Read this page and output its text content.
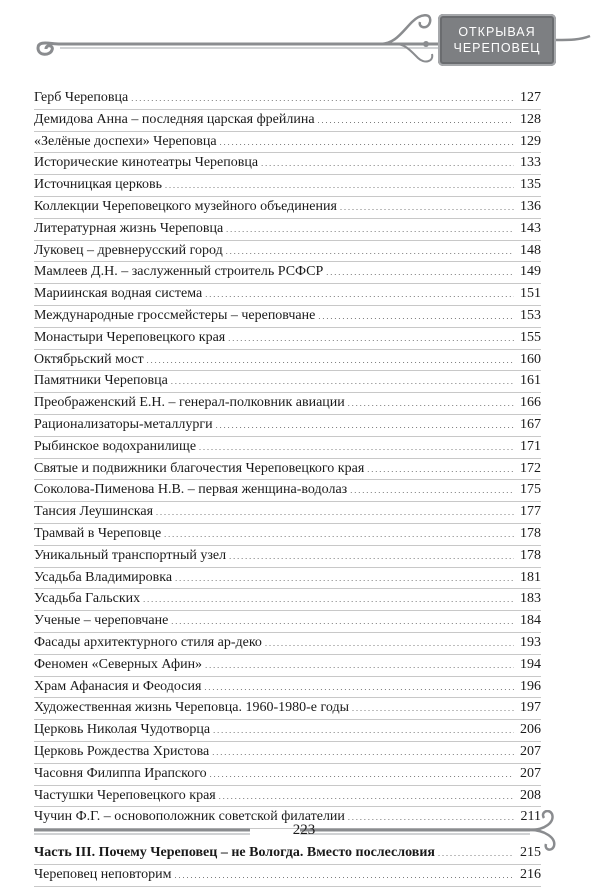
ОТКРЫВАЯ
ЧЕРЕПОВЕЦ
Герб Череповца . . .	127
Демидова Анна – последняя царская фрейлина . . .	128
«Зелёные доспехи» Череповца . . .	129
Исторические кинотеатры Череповца . . .	133
Источницкая церковь . . .	135
Коллекции Череповецкого музейного объединения . . .	136
Литературная жизнь Череповца . . .	143
Луковец – древнерусский город . . .	148
Мамлеев Д.Н. – заслуженный строитель РСФСР . . .	149
Мариинская водная система . . .	151
Международные гроссмейстеры – череповчане . . .	153
Монастыри Череповецкого края . . .	155
Октябрьский мост . . .	160
Памятники Череповца . . .	161
Преображенский Е.Н. – генерал-полковник авиации . . .	166
Рационализаторы-металлурги . . .	167
Рыбинское водохранилище . . .	171
Святые и подвижники благочестия Череповецкого края . . .	172
Соколова-Пименова Н.В. – первая женщина-водолаз . . .	175
Тансия Леушинская . . .	177
Трамвай в Череповце . . .	178
Уникальный транспортный узел . . .	178
Усадьба Владимировка . . .	181
Усадьба Гальских . . .	183
Ученые – череповчане . . .	184
Фасады архитектурного стиля ар-деко . . .	193
Феномен «Северных Афин» . . .	194
Храм Афанасия и Феодосия . . .	196
Художественная жизнь Череповца. 1960-1980-е годы . . .	197
Церковь Николая Чудотворца . . .	206
Церковь Рождества Христова . . .	207
Часовня Филиппа Ирапского . . .	207
Частушки Череповецкого края . . .	208
Чучин Ф.Г. – основоположник советской филателии . . .	211
Часть III. Почему Череповец – не Вологда. Вместо послесловия . . .	215
Череповец неповторим . . .	216
223
